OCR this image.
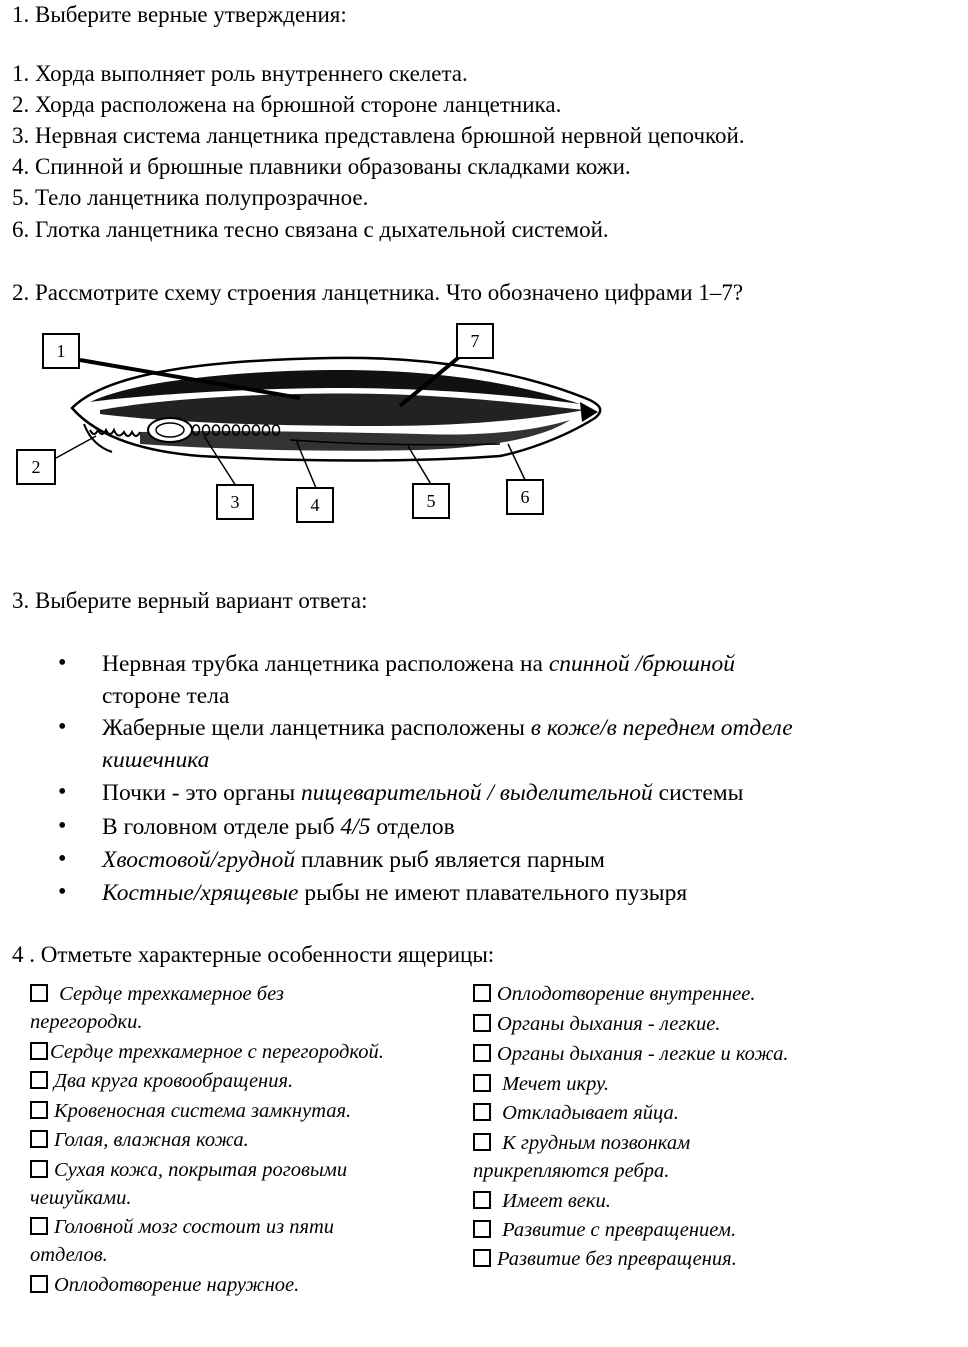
1. Выберите верные утверждения:
1. Хорда выполняет роль внутреннего скелета.
2. Хорда расположена на брюшной стороне ланцетника.
3. Нервная система ланцетника представлена брюшной нервной цепочкой.
4. Спинной и брюшные плавники образованы складками кожи.
5. Тело ланцетника полупрозрачное.
6. Глотка ланцетника тесно связана с дыхательной системой.
2. Рассмотрите схему строения ланцетника. Что обозначено цифрами 1–7?
1
2
3	4	5	6
7
3. Выберите верный вариант ответа:
• Нервная трубка ланцетника расположена на спинной /брюшной
стороне тела
• Жаберные щели ланцетника расположены в коже/в переднем отделе
кишечника
• Почки - это органы пищеварительной / выделительной системы
• В головном отделе рыб 4/5 отделов
• Хвостовой/грудной плавник рыб является парным
• Костные/хрящевые рыбы не имеют плавательного пузыря
4 . Отметьте характерные особенности ящерицы:
Сердце трехкамерное без
перегородки.
Сердце трехкамерное с перегородкой.
Два круга кровообращения.
Кровеносная система замкнутая.
Голая, влажная кожа.
Сухая кожа, покрытая роговыми
чешуйками.
Головной мозг состоит из пяти
отделов.
Оплодотворение наружное.
Оплодотворение внутреннее.
Органы дыхания - легкие.
Органы дыхания - легкие и кожа.
Мечет икру.
Откладывает яйца.
К грудным позвонкам
прикрепляются ребра.
Имеет веки.
Развитие с превращением.
Развитие без превращения.
